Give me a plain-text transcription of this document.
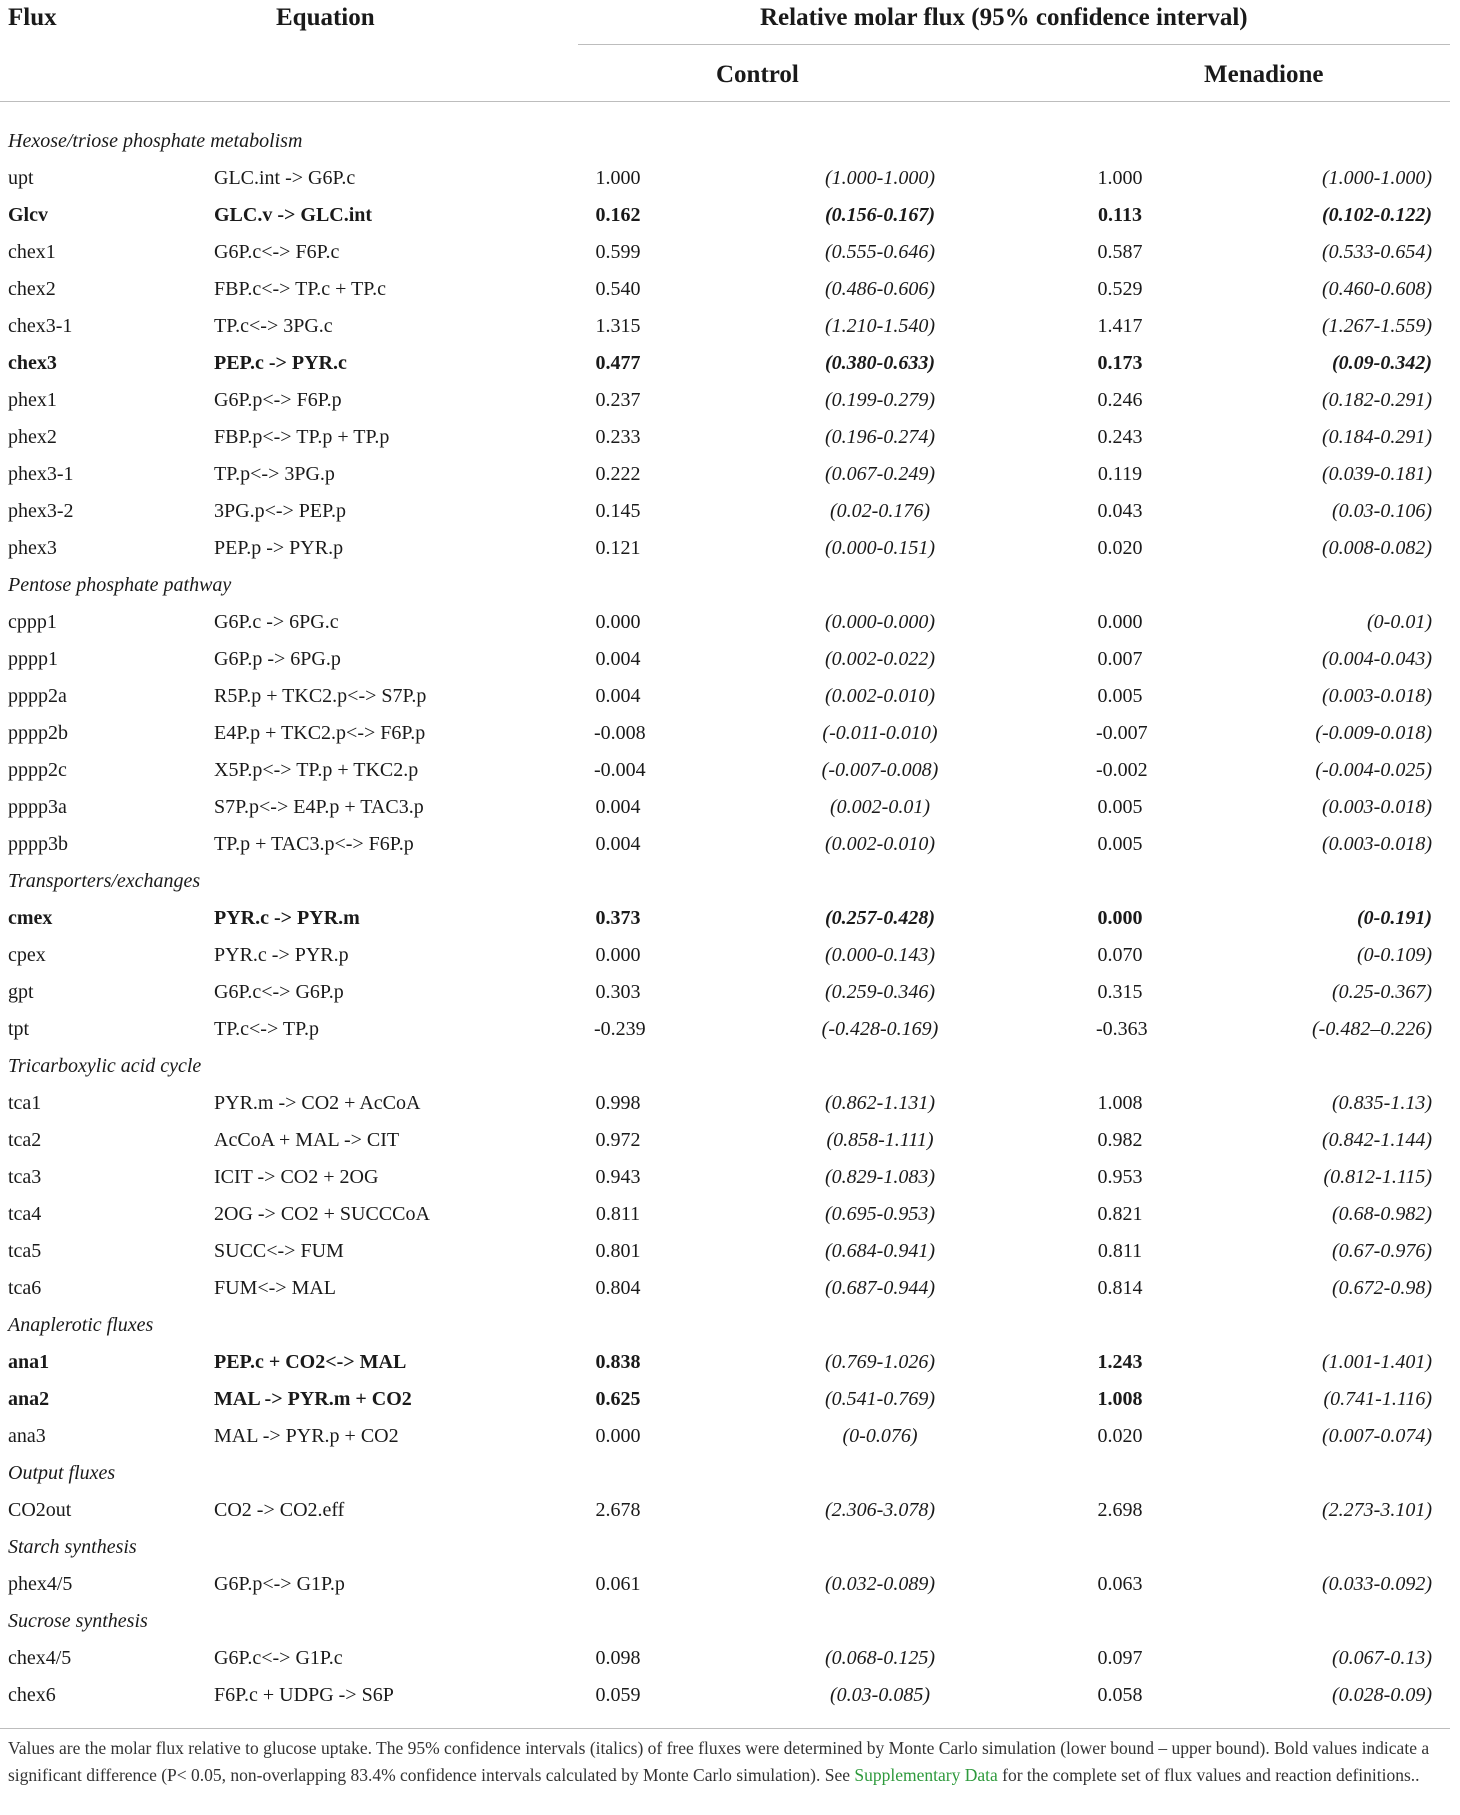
Flux	Equation	Relative molar flux (95% confidence interval)
Control	Menadione
Hexose/triose phosphate metabolism
upt	GLC.int -> G6P.c	1.000	(1.000-1.000)	1.000	(1.000-1.000)
Glcv	GLC.v -> GLC.int	0.162	(0.156-0.167)	0.113	(0.102-0.122)
chex1	G6P.c<-> F6P.c	0.599	(0.555-0.646)	0.587	(0.533-0.654)
chex2	FBP.c<-> TP.c + TP.c	0.540	(0.486-0.606)	0.529	(0.460-0.608)
chex3-1	TP.c<-> 3PG.c	1.315	(1.210-1.540)	1.417	(1.267-1.559)
chex3	PEP.c -> PYR.c	0.477	(0.380-0.633)	0.173	(0.09-0.342)
phex1	G6P.p<-> F6P.p	0.237	(0.199-0.279)	0.246	(0.182-0.291)
phex2	FBP.p<-> TP.p + TP.p	0.233	(0.196-0.274)	0.243	(0.184-0.291)
phex3-1	TP.p<-> 3PG.p	0.222	(0.067-0.249)	0.119	(0.039-0.181)
phex3-2	3PG.p<-> PEP.p	0.145	(0.02-0.176)	0.043	(0.03-0.106)
phex3	PEP.p -> PYR.p	0.121	(0.000-0.151)	0.020	(0.008-0.082)
Pentose phosphate pathway
cppp1	G6P.c -> 6PG.c	0.000	(0.000-0.000)	0.000	(0-0.01)
pppp1	G6P.p -> 6PG.p	0.004	(0.002-0.022)	0.007	(0.004-0.043)
pppp2a	R5P.p + TKC2.p<-> S7P.p	0.004	(0.002-0.010)	0.005	(0.003-0.018)
pppp2b	E4P.p + TKC2.p<-> F6P.p	-0.008	(-0.011-0.010)	-0.007	(-0.009-0.018)
pppp2c	X5P.p<-> TP.p + TKC2.p	-0.004	(-0.007-0.008)	-0.002	(-0.004-0.025)
pppp3a	S7P.p<-> E4P.p + TAC3.p	0.004	(0.002-0.01)	0.005	(0.003-0.018)
pppp3b	TP.p + TAC3.p<-> F6P.p	0.004	(0.002-0.010)	0.005	(0.003-0.018)
Transporters/exchanges
cmex	PYR.c -> PYR.m	0.373	(0.257-0.428)	0.000	(0-0.191)
cpex	PYR.c -> PYR.p	0.000	(0.000-0.143)	0.070	(0-0.109)
gpt	G6P.c<-> G6P.p	0.303	(0.259-0.346)	0.315	(0.25-0.367)
tpt	TP.c<-> TP.p	-0.239	(-0.428-0.169)	-0.363	(-0.482–0.226)
Tricarboxylic acid cycle
tca1	PYR.m -> CO2 + AcCoA	0.998	(0.862-1.131)	1.008	(0.835-1.13)
tca2	AcCoA + MAL -> CIT	0.972	(0.858-1.111)	0.982	(0.842-1.144)
tca3	ICIT -> CO2 + 2OG	0.943	(0.829-1.083)	0.953	(0.812-1.115)
tca4	2OG -> CO2 + SUCCCoA	0.811	(0.695-0.953)	0.821	(0.68-0.982)
tca5	SUCC<-> FUM	0.801	(0.684-0.941)	0.811	(0.67-0.976)
tca6	FUM<-> MAL	0.804	(0.687-0.944)	0.814	(0.672-0.98)
Anaplerotic fluxes
ana1	PEP.c + CO2<-> MAL	0.838	(0.769-1.026)	1.243	(1.001-1.401)
ana2	MAL -> PYR.m + CO2	0.625	(0.541-0.769)	1.008	(0.741-1.116)
ana3	MAL -> PYR.p + CO2	0.000	(0-0.076)	0.020	(0.007-0.074)
Output fluxes
CO2out	CO2 -> CO2.eff	2.678	(2.306-3.078)	2.698	(2.273-3.101)
Starch synthesis
phex4/5	G6P.p<-> G1P.p	0.061	(0.032-0.089)	0.063	(0.033-0.092)
Sucrose synthesis
chex4/5	G6P.c<-> G1P.c	0.098	(0.068-0.125)	0.097	(0.067-0.13)
chex6	F6P.c + UDPG -> S6P	0.059	(0.03-0.085)	0.058	(0.028-0.09)
Values are the molar flux relative to glucose uptake. The 95% confidence intervals (italics) of free fluxes were determined by Monte Carlo simulation (lower bound – upper bound). Bold values indicate a significant difference (P< 0.05, non-overlapping 83.4% confidence intervals calculated by Monte Carlo simulation). See Supplementary Data for the complete set of flux values and reaction definitions..
